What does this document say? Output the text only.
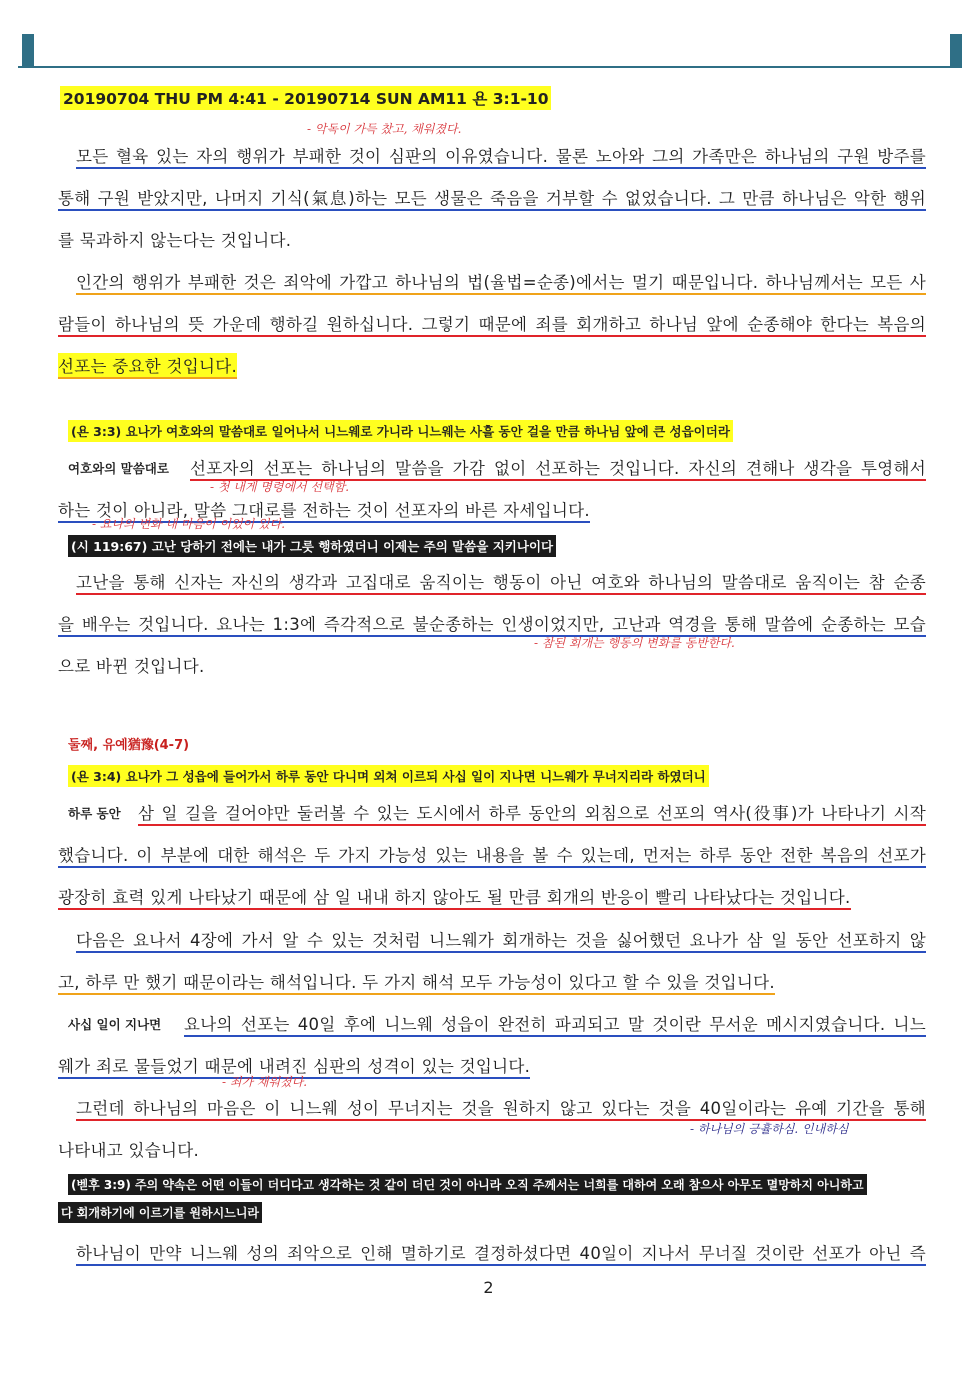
20190704 THU PM 4:41 - 20190714 SUN AM11 욘 3:1-10
- 악독이 가득 찼고, 채워졌다.
모든 혈육 있는 자의 행위가 부패한 것이 심판의 이유였습니다. 물론 노아와 그의 가족만은 하나님의 구원 방주를
통해 구원 받았지만, 나머지 기식(氣息)하는 모든 생물은 죽음을 거부할 수 없었습니다. 그 만큼 하나님은 악한 행위
를 묵과하지 않는다는 것입니다.
인간의 행위가 부패한 것은 죄악에 가깝고 하나님의 법(율법=순종)에서는 멀기 때문입니다. 하나님께서는 모든 사
람들이 하나님의 뜻 가운데 행하길 원하십니다. 그렇기 때문에 죄를 회개하고 하나님 앞에 순종해야 한다는 복음의
선포는 중요한 것입니다.
(욘 3:3) 요나가 여호와의 말씀대로 일어나서 니느웨로 가니라 니느웨는 사흘 동안 걸을 만큼 하나님 앞에 큰 성읍이더라
여호와의 말씀대로 선포자의 선포는 하나님의 말씀을 가감 없이 선포하는 것입니다. 자신의 견해나 생각을 투영해서
- 첫 내게 명령에서 선택함.
하는 것이 아니라, 말씀 그대로를 전하는 것이 선포자의 바른 자세입니다.
- 요나의 변화 내 마음이 이었이 있다.
(시 119:67) 고난 당하기 전에는 내가 그릇 행하였더니 이제는 주의 말씀을 지키나이다
고난을 통해 신자는 자신의 생각과 고집대로 움직이는 행동이 아닌 여호와 하나님의 말씀대로 움직이는 참 순종
을 배우는 것입니다. 요나는 1:3에 즉각적으로 불순종하는 인생이었지만, 고난과 역경을 통해 말씀에 순종하는 모습
- 참된 회개는 행동의 변화를 동반한다.
으로 바뀐 것입니다.
둘째, 유예猶豫(4-7)
(욘 3:4) 요나가 그 성읍에 들어가서 하루 동안 다니며 외쳐 이르되 사십 일이 지나면 니느웨가 무너지리라 하였더니
하루 동안 삼 일 길을 걸어야만 둘러볼 수 있는 도시에서 하루 동안의 외침으로 선포의 역사(役事)가 나타나기 시작
했습니다. 이 부분에 대한 해석은 두 가지 가능성 있는 내용을 볼 수 있는데, 먼저는 하루 동안 전한 복음의 선포가
광장히 효력 있게 나타났기 때문에 삼 일 내내 하지 않아도 될 만큼 회개의 반응이 빨리 나타났다는 것입니다.
다음은 요나서 4장에 가서 알 수 있는 것처럼 니느웨가 회개하는 것을 싫어했던 요나가 삼 일 동안 선포하지 않
고, 하루 만 했기 때문이라는 해석입니다. 두 가지 해석 모두 가능성이 있다고 할 수 있을 것입니다.
사십 일이 지나면 요나의 선포는 40일 후에 니느웨 성읍이 완전히 파괴되고 말 것이란 무서운 메시지였습니다. 니느
웨가 죄로 물들었기 때문에 내려진 심판의 성격이 있는 것입니다.
- 죄가 채워졌다.
그런데 하나님의 마음은 이 니느웨 성이 무너지는 것을 원하지 않고 있다는 것을 40일이라는 유예 기간을 통해
- 하나님의 긍휼하심. 인내하심
나타내고 있습니다.
(벧후 3:9) 주의 약속은 어떤 이들이 더디다고 생각하는 것 같이 더딘 것이 아니라 오직 주께서는 너희를 대하여 오래 참으사 아무도 멸망하지 아니하고
다 회개하기에 이르기를 원하시느니라
하나님이 만약 니느웨 성의 죄악으로 인해 멸하기로 결정하셨다면 40일이 지나서 무너질 것이란 선포가 아닌 즉
2
